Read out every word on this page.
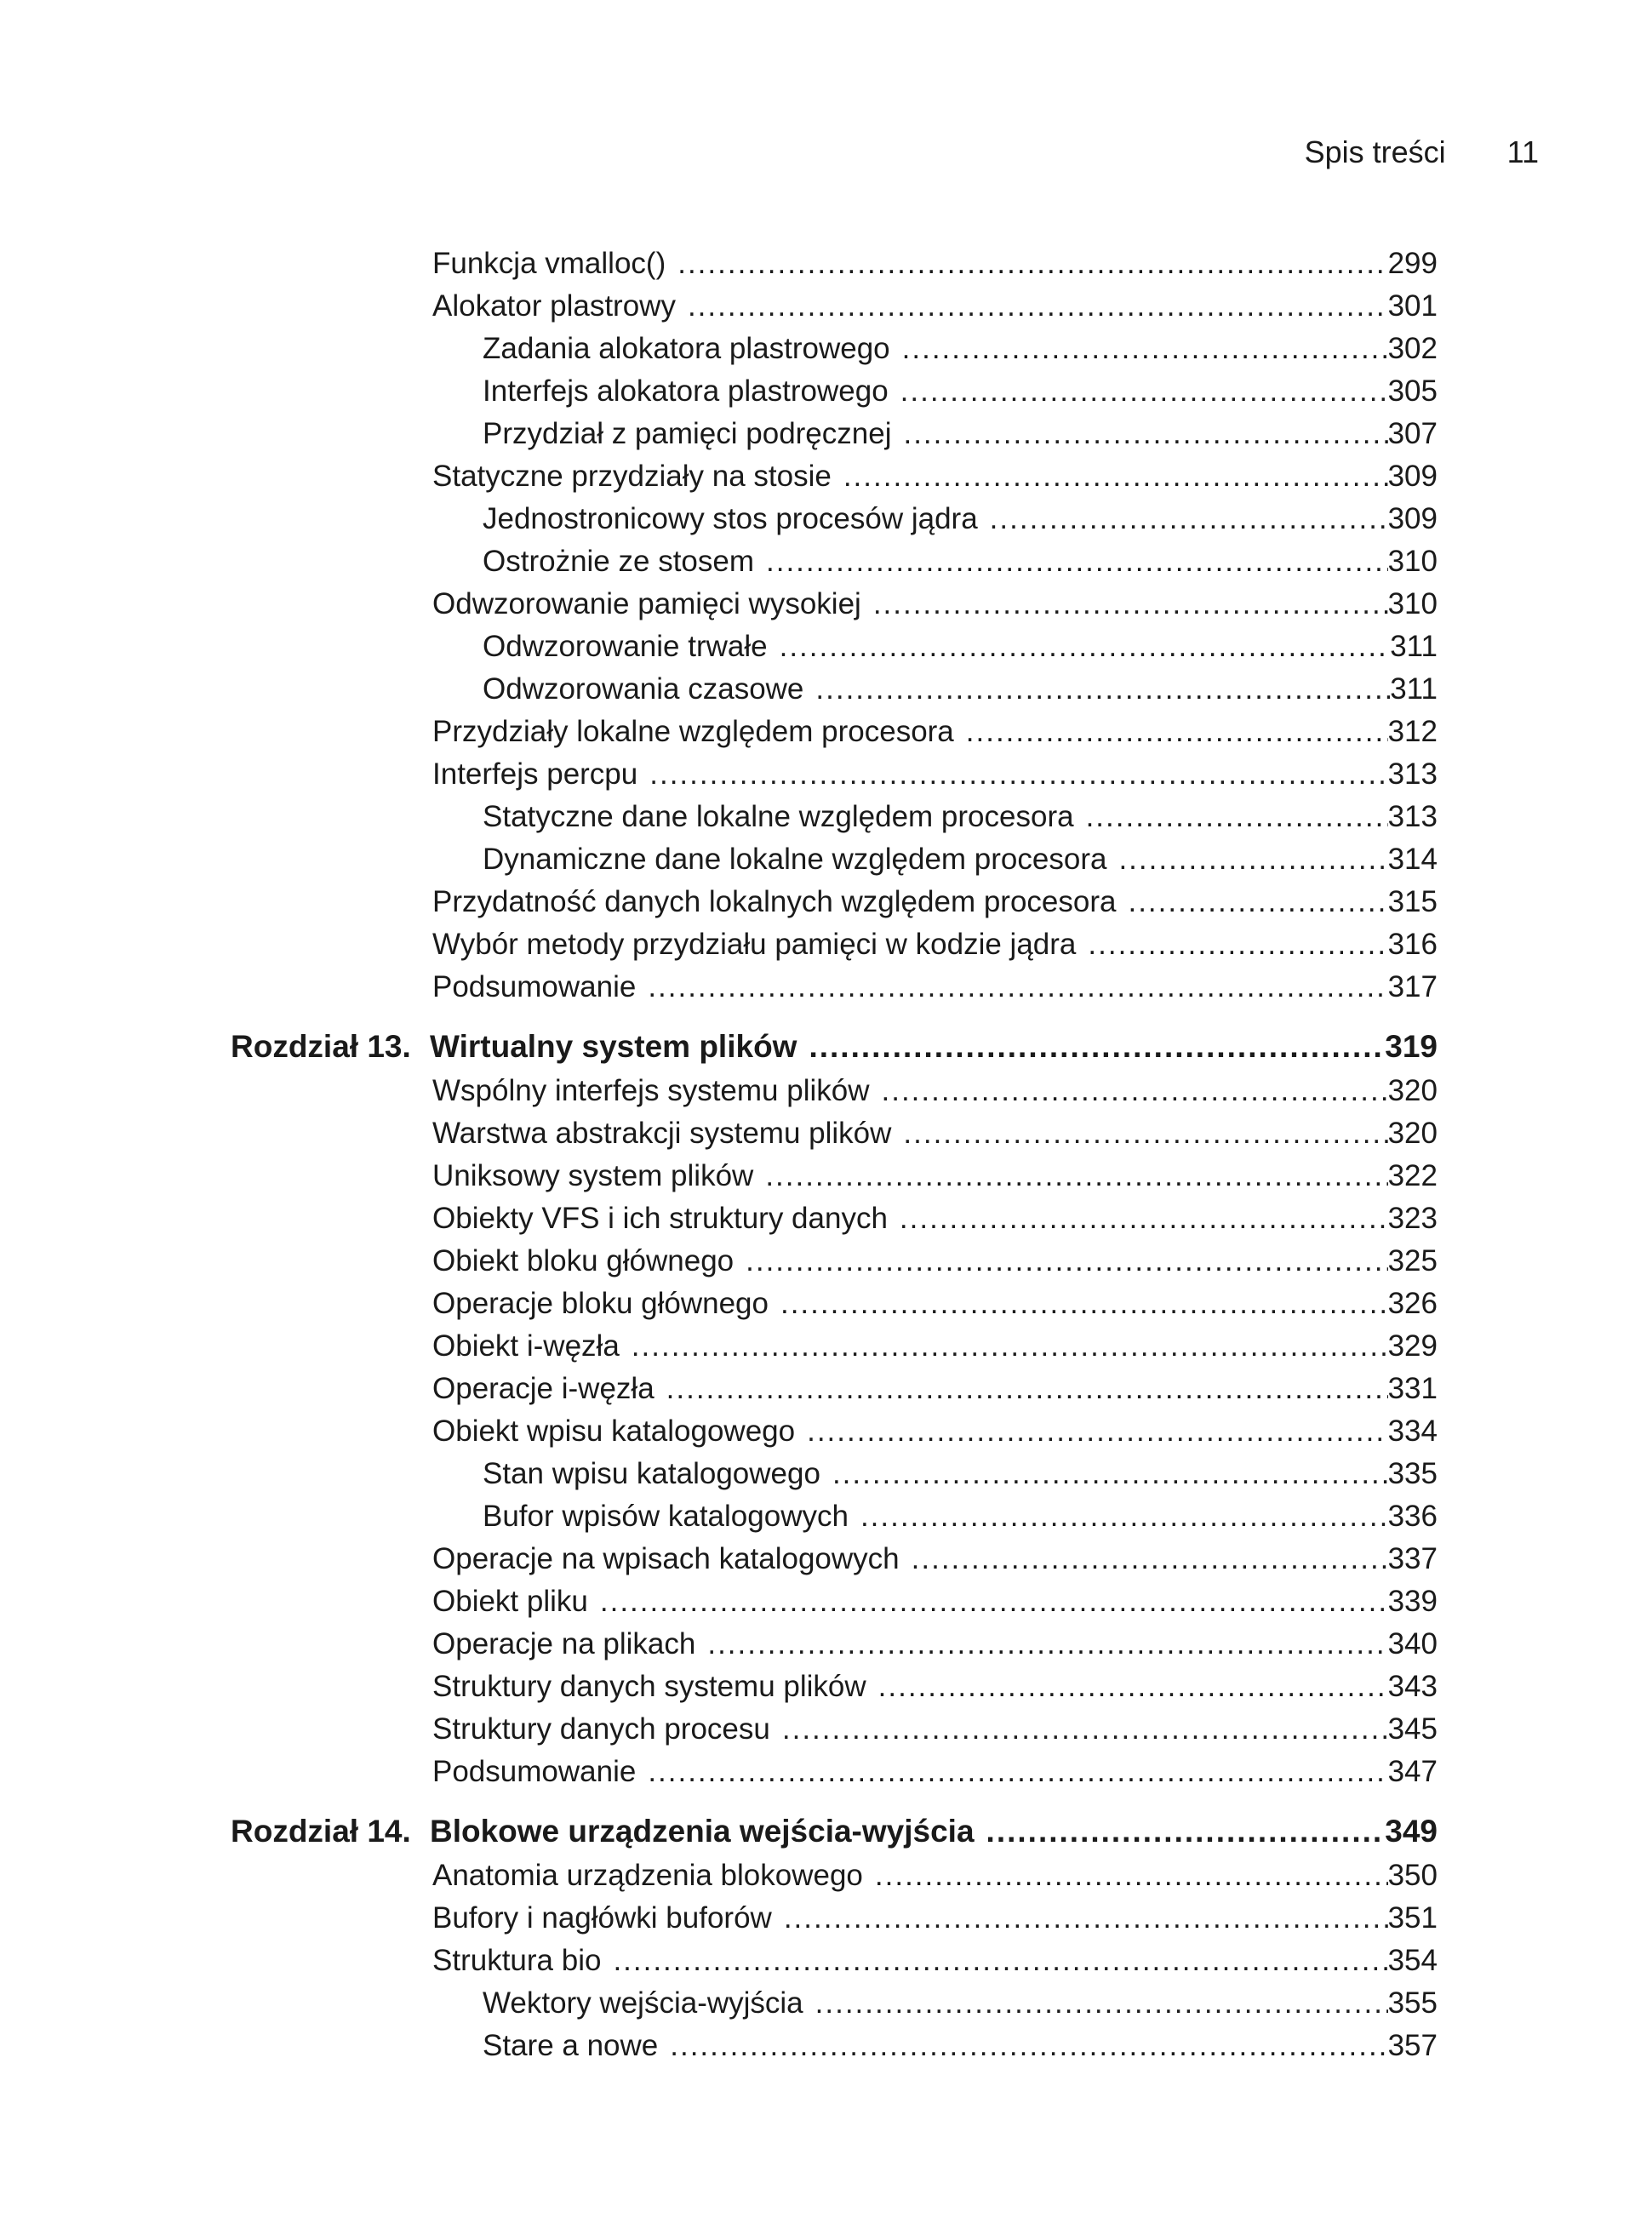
Spis treści 11
Funkcja vmalloc() .....	299
Alokator plastrowy .....	301
Zadania alokatora plastrowego .....	302
Interfejs alokatora plastrowego .....	305
Przydział z pamięci podręcznej .....	307
Statyczne przydziały na stosie .....	309
Jednostronicowy stos procesów jądra .....	309
Ostrożnie ze stosem .....	310
Odwzorowanie pamięci wysokiej .....	310
Odwzorowanie trwałe .....	311
Odwzorowania czasowe .....	311
Przydziały lokalne względem procesora .....	312
Interfejs percpu .....	313
Statyczne dane lokalne względem procesora .....	313
Dynamiczne dane lokalne względem procesora .....	314
Przydatność danych lokalnych względem procesora .....	315
Wybór metody przydziału pamięci w kodzie jądra .....	316
Podsumowanie .....	317
Rozdział 13. Wirtualny system plików .....	319
Wspólny interfejs systemu plików .....	320
Warstwa abstrakcji systemu plików .....	320
Uniksowy system plików .....	322
Obiekty VFS i ich struktury danych .....	323
Obiekt bloku głównego .....	325
Operacje bloku głównego .....	326
Obiekt i-węzła .....	329
Operacje i-węzła .....	331
Obiekt wpisu katalogowego .....	334
Stan wpisu katalogowego .....	335
Bufor wpisów katalogowych .....	336
Operacje na wpisach katalogowych .....	337
Obiekt pliku .....	339
Operacje na plikach .....	340
Struktury danych systemu plików .....	343
Struktury danych procesu .....	345
Podsumowanie .....	347
Rozdział 14. Blokowe urządzenia wejścia-wyjścia .....	349
Anatomia urządzenia blokowego .....	350
Bufory i nagłówki buforów .....	351
Struktura bio .....	354
Wektory wejścia-wyjścia .....	355
Stare a nowe .....	357
